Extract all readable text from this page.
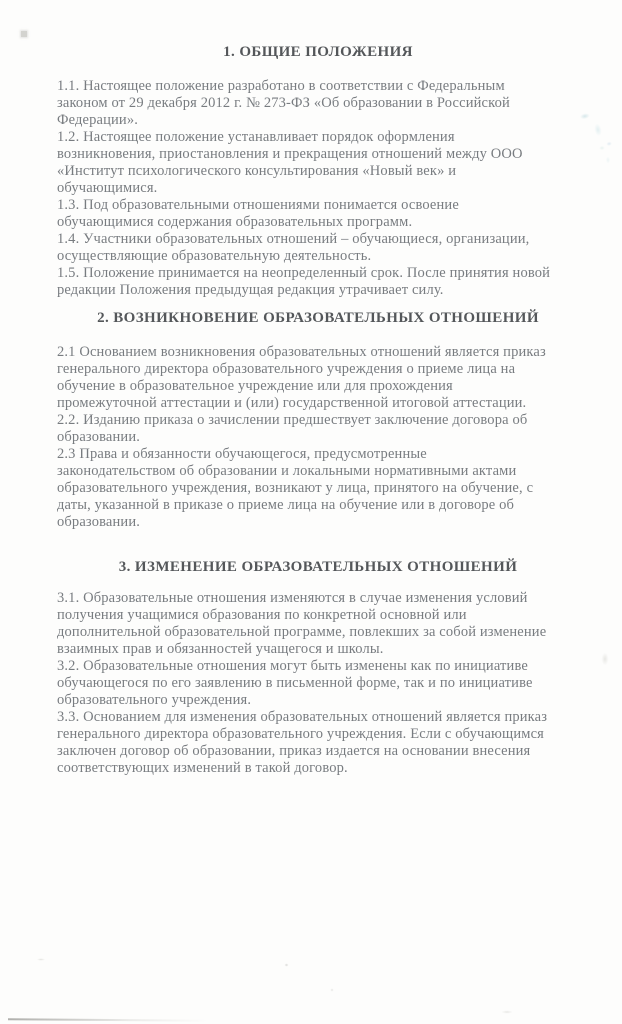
1. ОБЩИЕ ПОЛОЖЕНИЯ
1.1. Настоящее положение разработано в соответствии с Федеральным
законом от 29 декабря 2012 г. № 273-ФЗ «Об образовании в Российской
Федерации».
1.2. Настоящее положение устанавливает порядок оформления
возникновения, приостановления и прекращения отношений между ООО
«Институт психологического консультирования «Новый век» и
обучающимися.
1.3. Под образовательными отношениями понимается освоение
обучающимися содержания образовательных программ.
1.4. Участники образовательных отношений – обучающиеся, организации,
осуществляющие образовательную деятельность.
1.5. Положение принимается на неопределенный срок. После принятия новой
редакции Положения предыдущая редакция утрачивает силу.
2. ВОЗНИКНОВЕНИЕ ОБРАЗОВАТЕЛЬНЫХ ОТНОШЕНИЙ
2.1 Основанием возникновения образовательных отношений является приказ
генерального директора образовательного учреждения о приеме лица на
обучение в образовательное учреждение или для прохождения
промежуточной аттестации и (или) государственной итоговой аттестации.
2.2. Изданию приказа о зачислении предшествует заключение договора об
образовании.
2.3 Права и обязанности обучающегося, предусмотренные
законодательством об образовании и локальными нормативными актами
образовательного учреждения, возникают у лица, принятого на обучение, с
даты, указанной в приказе о приеме лица на обучение или в договоре об
образовании.
3. ИЗМЕНЕНИЕ ОБРАЗОВАТЕЛЬНЫХ ОТНОШЕНИЙ
3.1. Образовательные отношения изменяются в случае изменения условий
получения учащимися образования по конкретной основной или
дополнительной образовательной программе, повлекших за собой изменение
взаимных прав и обязанностей учащегося и школы.
3.2. Образовательные отношения могут быть изменены как по инициативе
обучающегося по его заявлению в письменной форме, так и по инициативе
образовательного учреждения.
3.3. Основанием для изменения образовательных отношений является приказ
генерального директора образовательного учреждения. Если с обучающимся
заключен договор об образовании, приказ издается на основании внесения
соответствующих изменений в такой договор.
